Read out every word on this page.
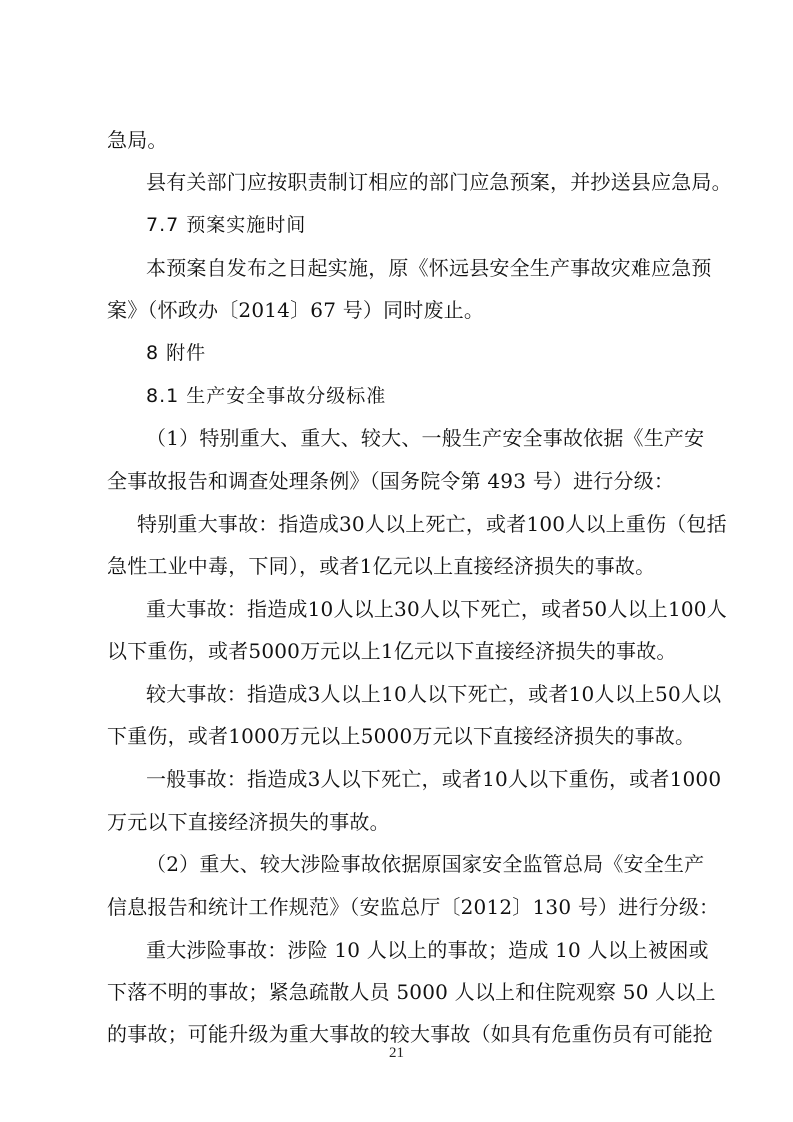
急局。
县有关部门应按职责制订相应的部门应急预案，并抄送县应急局。
7.7 预案实施时间
本预案自发布之日起实施，原《怀远县安全生产事故灾难应急预
案》（怀政办〔2014〕67 号）同时废止。
8 附件
8.1 生产安全事故分级标准
（1）特别重大、重大、较大、一般生产安全事故依据《生产安
全事故报告和调查处理条例》（国务院令第 493 号）进行分级：
特别重大事故：指造成30人以上死亡，或者100人以上重伤（包括
急性工业中毒，下同），或者1亿元以上直接经济损失的事故。
重大事故：指造成10人以上30人以下死亡，或者50人以上100人
以下重伤，或者5000万元以上1亿元以下直接经济损失的事故。
较大事故：指造成3人以上10人以下死亡，或者10人以上50人以
下重伤，或者1000万元以上5000万元以下直接经济损失的事故。
一般事故：指造成3人以下死亡，或者10人以下重伤，或者1000
万元以下直接经济损失的事故。
（2）重大、较大涉险事故依据原国家安全监管总局《安全生产
信息报告和统计工作规范》（安监总厅〔2012〕130 号）进行分级：
重大涉险事故：涉险 10 人以上的事故；造成 10 人以上被困或
下落不明的事故；紧急疏散人员 5000 人以上和住院观察 50 人以上
的事故；可能升级为重大事故的较大事故（如具有危重伤员有可能抢
21
